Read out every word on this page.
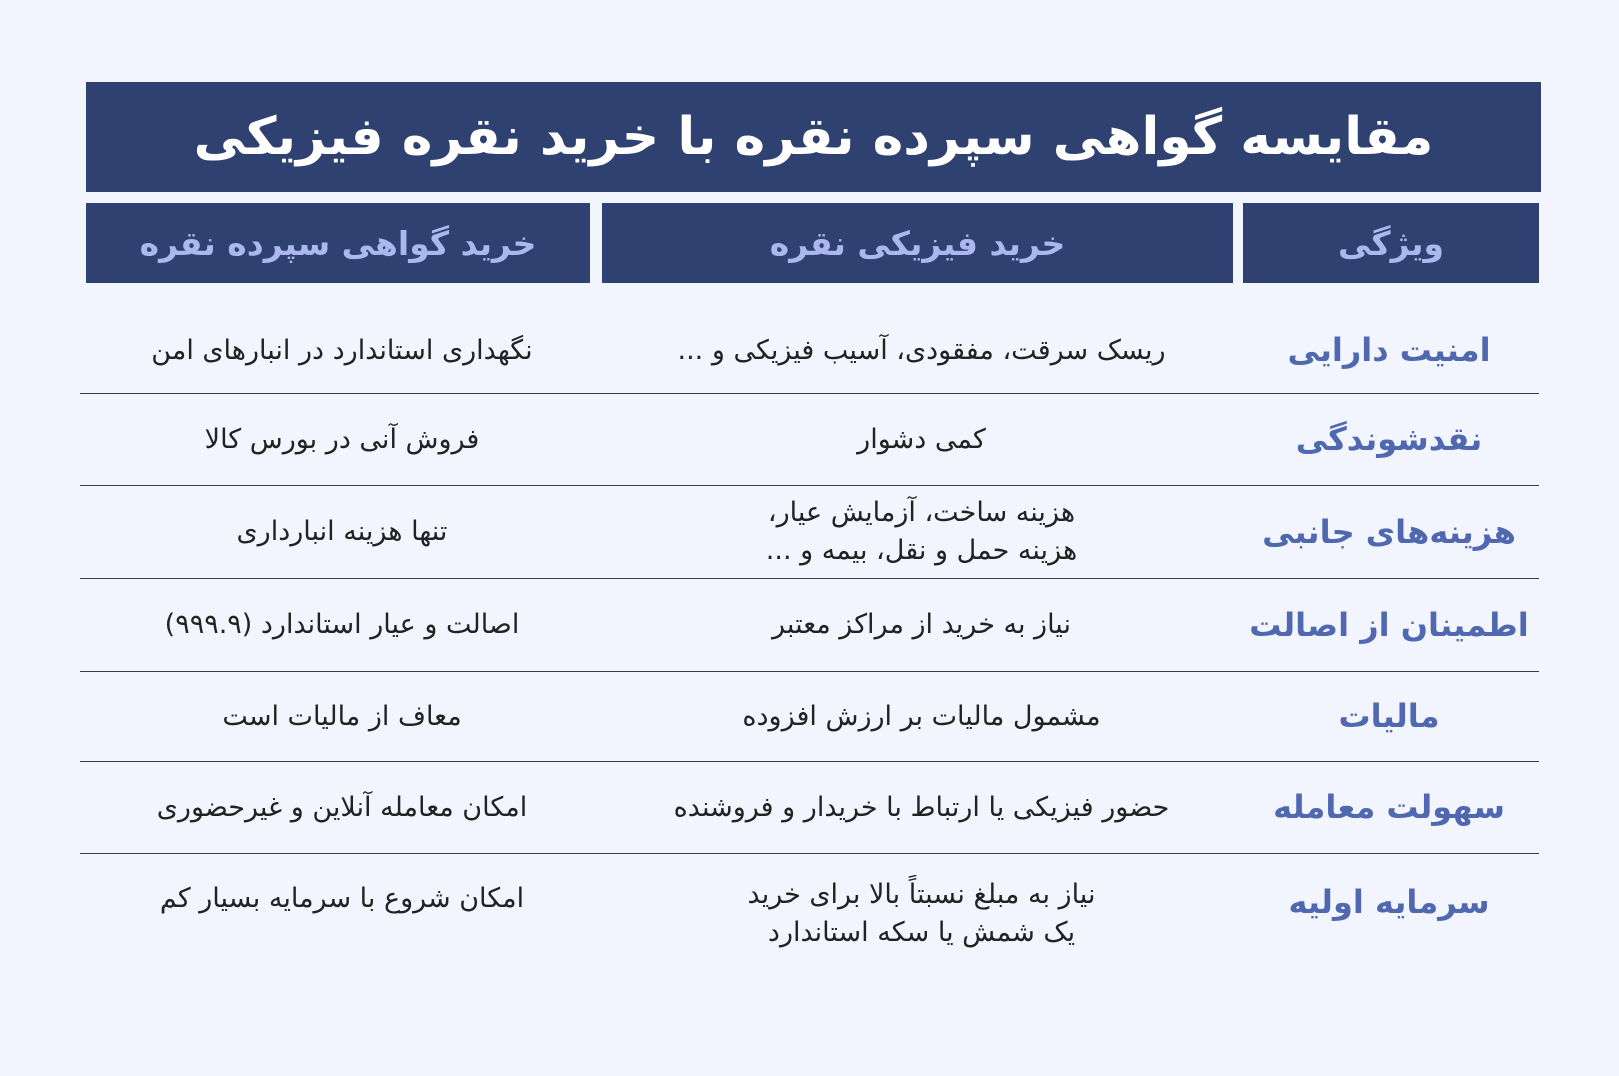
مقایسه گواهی سپرده نقره با خرید نقره فیزیکی
ویژگی
خرید فیزیکی نقره
خرید گواهی سپرده نقره
امنیت دارایی
ریسک سرقت، مفقودی، آسیب فیزیکی و ...
نگهداری استاندارد در انبارهای امن
نقدشوندگی
کمی دشوار
فروش آنی در بورس کالا
هزینه‌های جانبی
هزینه ساخت، آزمایش عیار،
هزینه حمل و نقل، بیمه و ...
تنها هزینه انبارداری
اطمینان از اصالت
نیاز به خرید از مراکز معتبر
اصالت و عیار استاندارد (۹۹۹.۹)
مالیات
مشمول مالیات بر ارزش افزوده
معاف از مالیات است
سهولت معامله
حضور فیزیکی یا ارتباط با خریدار و فروشنده
امکان معامله آنلاین و غیرحضوری
سرمایه اولیه
نیاز به مبلغ نسبتاً بالا برای خرید
یک شمش یا سکه استاندارد
امکان شروع با سرمایه بسیار کم
